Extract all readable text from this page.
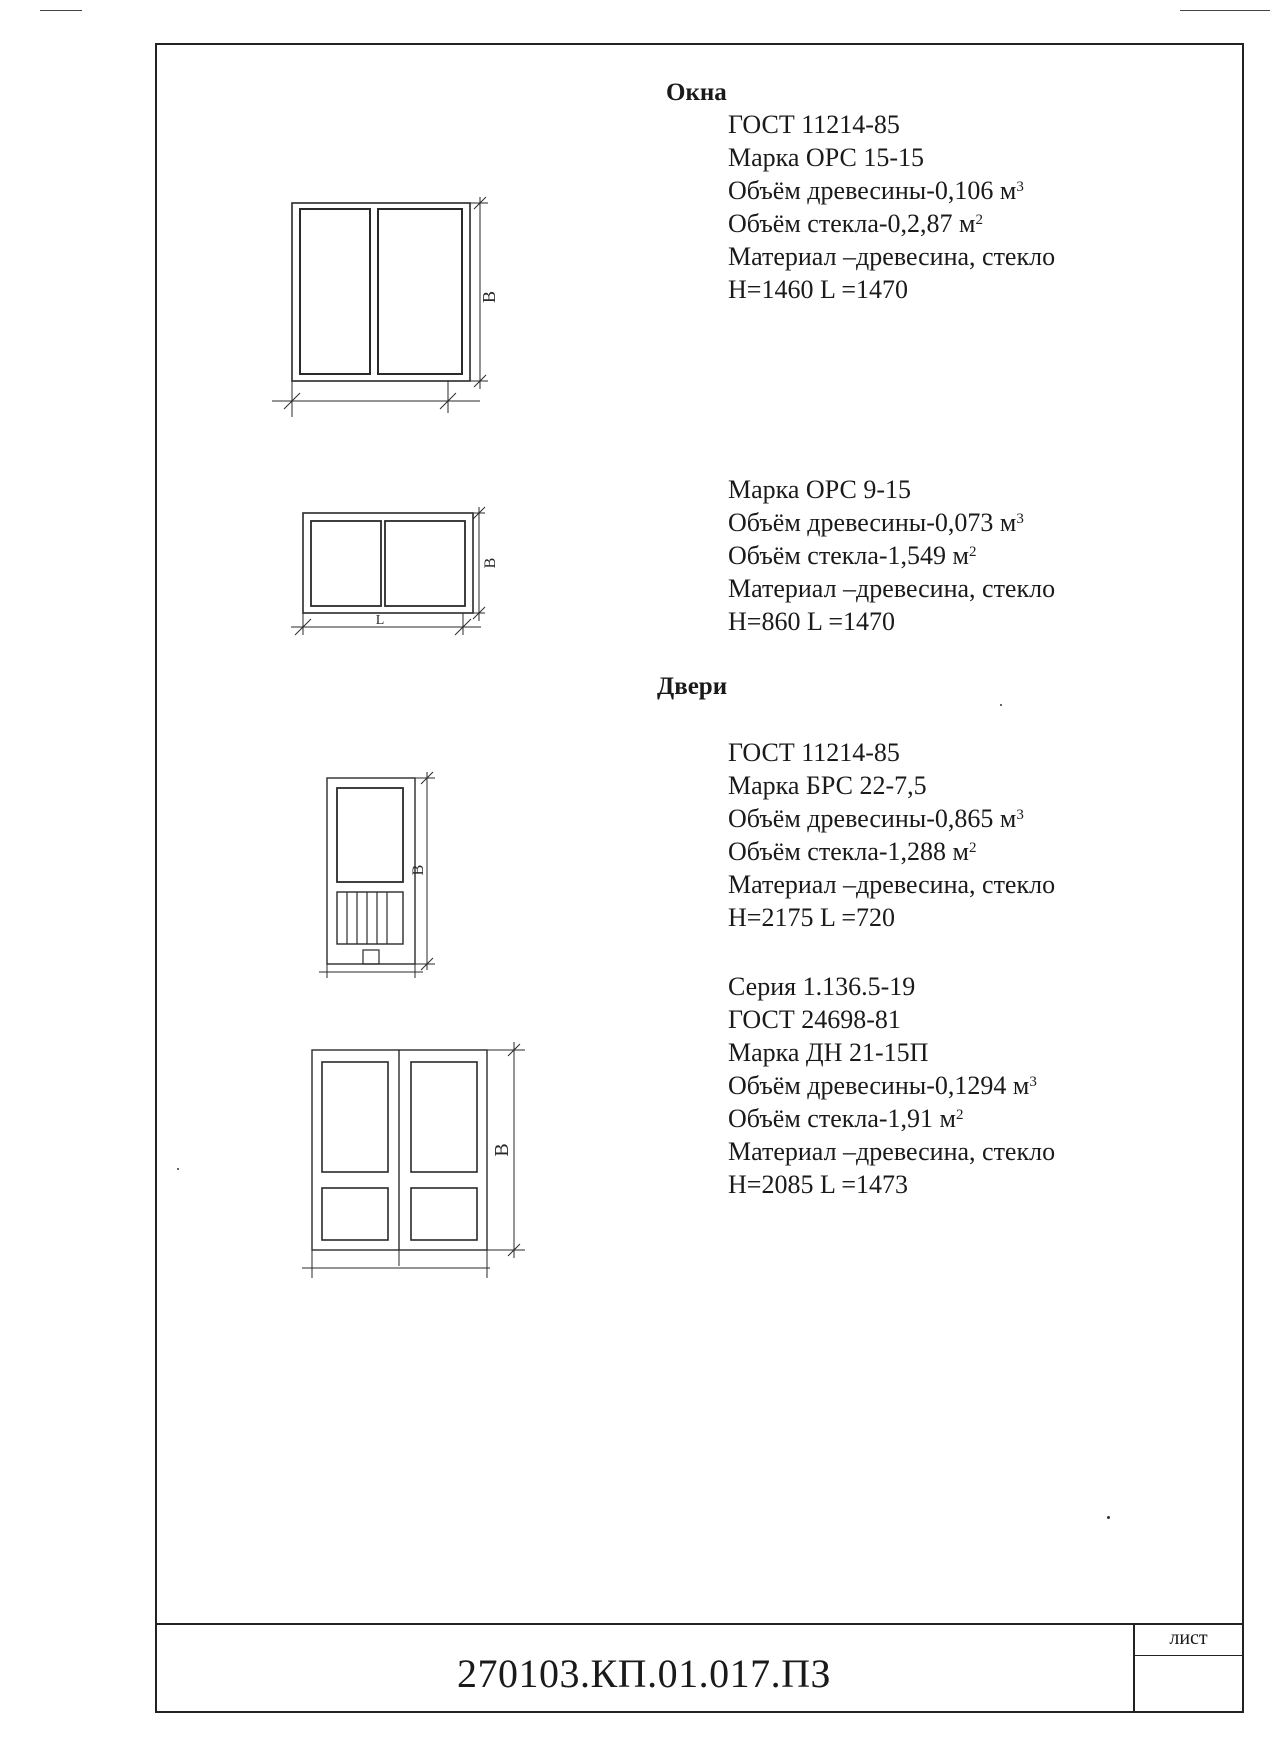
Окна
ГОСТ 11214-85
Марка ОРС 15-15
Объём древесины-0,106 $м^3$
Объём стекла-0,2,87 $м^2$
Материал –древесина, стекло
H=1460 L =1470
В
Марка ОРС 9-15
Объём древесины-0,073 $м^3$
Объём стекла-1,549 $м^2$
Материал –древесина, стекло
H=860 L =1470
L
В
Двери
ГОСТ 11214-85
Марка БРС 22-7,5
Объём древесины-0,865 $м^3$
Объём стекла-1,288 $м^2$
Материал –древесина, стекло
H=2175 L =720
В
Серия 1.136.5-19
ГОСТ 24698-81
Марка ДН 21-15П
Объём древесины-0,1294 $м^3$
Объём стекла-1,91 $м^2$
Материал –древесина, стекло
H=2085 L =1473
В
270103.КП.01.017.ПЗ
лист
